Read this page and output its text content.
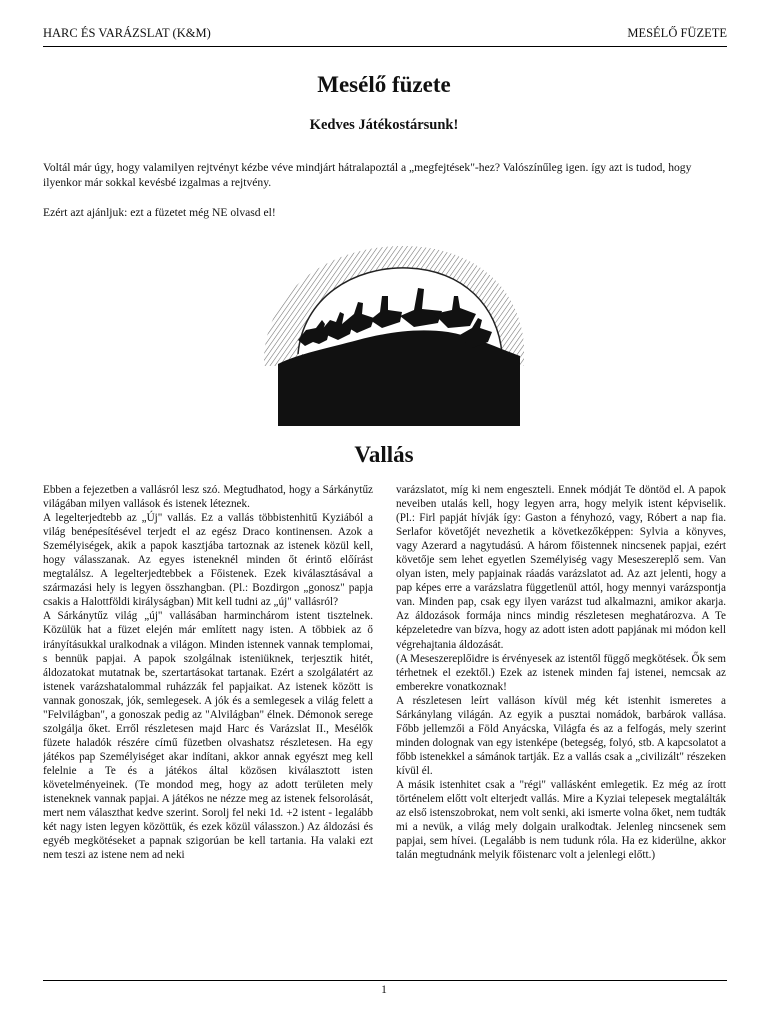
HARC ÉS VARÁZSLAT (K&M)	MESÉLŐ FÜZETE
Mesélő füzete
Kedves Játékostársunk!
Voltál már úgy, hogy valamilyen rejtvényt kézbe véve mindjárt hátralapoztál a „megfejtések"-hez? Valószínűleg igen. így azt is tudod, hogy ilyenkor már sokkal kevésbé izgalmas a rejtvény.
Ezért azt ajánljuk: ezt a füzetet még NE olvasd el!
Vallás

Ebben a fejezetben a vallásról lesz szó. Megtudhatod, hogy a Sárkánytűz világában milyen vallások és istenek léteznek.

A legelterjedtebb az „Új" vallás. Ez a vallás többistenhitű Kyziából a világ benépesítésével terjedt el az egész Draco kontinensen. Azok a Személyiségek, akik a papok kasztjába tartoznak az istenek közül kell, hogy válasszanak. Az egyes isteneknél minden őt érintő előírást megtalálsz. A legelterjedtebbek a Főistenek. Ezek kiválasztásával a származási hely is legyen összhangban. (Pl.: Bozdirgon „gonosz" papja csakis a Halottföldi királyságban) Mit kell tudni az „új" vallásról?

A Sárkánytűz világ „új" vallásában harminchárom istent tisztelnek. Közülük hat a füzet elején már említett nagy isten. A többiek az ő irányításukkal uralkodnak a világon. Minden istennek vannak templomai, s bennük papjai. A papok szolgálnak isteniüknek, terjesztik hitét, áldozatokat mutatnak be, szertartásokat tartanak. Ezért a szolgálatért az istenek varázshatalommal ruházzák fel papjaikat. Az istenek között is vannak gonoszak, jók, semlegesek. A jók és a semlegesek a világ felett a "Felvilágban", a gonoszak pedig az "Alvilágban" élnek. Démonok serege szolgálja őket. Erről részletesen majd Harc és Varázslat II., Mesélők füzete haladók részére című füzetben olvashatsz részletesen. Ha egy játékos pap Személyiséget akar indítani, akkor annak egyészt meg kell felelnie a Te és a játékos által közösen kiválasztott isten követelményeinek. (Te mondod meg, hogy az adott területen mely isteneknek vannak papjai. A játékos ne nézze meg az istenek felsorolását, mert nem választhat kedve szerint. Sorolj fel neki 1d. +2 istent - legalább két nagy isten legyen közöttük, és ezek közül válasszon.) Az áldozási és egyéb megkötéseket a papnak szigorúan be kell tartania. Ha valaki ezt nem teszi az istene nem ad neki

varázslatot, míg ki nem engeszteli. Ennek módját Te döntöd el. A papok neveiben utalás kell, hogy legyen arra, hogy melyik istent képviselik. (Pl.: Firl papját hívják így: Gaston a fényhozó, vagy, Róbert a nap fia. Serlafor követőjét nevezhetik a következőképpen: Sylvia a könyves, vagy Azerard a nagytudású. A három főistennek nincsenek papjai, ezért követője sem lehet egyetlen Személyiség vagy Meseszereplő sem. Van olyan isten, mely papjainak ráadás varázslatot ad. Az azt jelenti, hogy a pap képes erre a varázslatra függetlenül attól, hogy mennyi varázspontja van. Minden pap, csak egy ilyen varázst tud alkalmazni, amikor akarja. Az áldozások formája nincs mindig részletesen meghatározva. A Te képzeletedre van bízva, hogy az adott isten adott papjának mi módon kell végrehajtania áldozását.

(A Meseszereplőidre is érvényesek az istentől függő megkötések. Ők sem térhetnek el ezektől.) Ezek az istenek minden faj istenei, nemcsak az emberekre vonatkoznak!

A részletesen leírt valláson kívül még két istenhit ismeretes a Sárkánylang világán. Az egyik a pusztai nomádok, barbárok vallása. Főbb jellemzői a Föld Anyácska, Világfa és az a felfogás, mely szerint minden dolognak van egy istenképe (betegség, folyó, stb. A kapcsolatot a főbb istenekkel a sámánok tartják. Ez a vallás csak a „civilizált" részeken kívül él.

A másik istenhitet csak a "régi" vallásként emlegetik. Ez még az írott történelem előtt volt elterjedt vallás. Mire a Kyziai telepesek megtalálták az első istenszobrokat, nem volt senki, aki ismerte volna őket, nem tudták mi a nevük, a világ mely dolgain uralkodtak. Jelenleg nincsenek sem papjai, sem hívei. (Legalább is nem tudunk róla. Ha ez kiderülne, akkor talán megtudnánk melyik főistenarc volt a jelenlegi előtt.)

1
